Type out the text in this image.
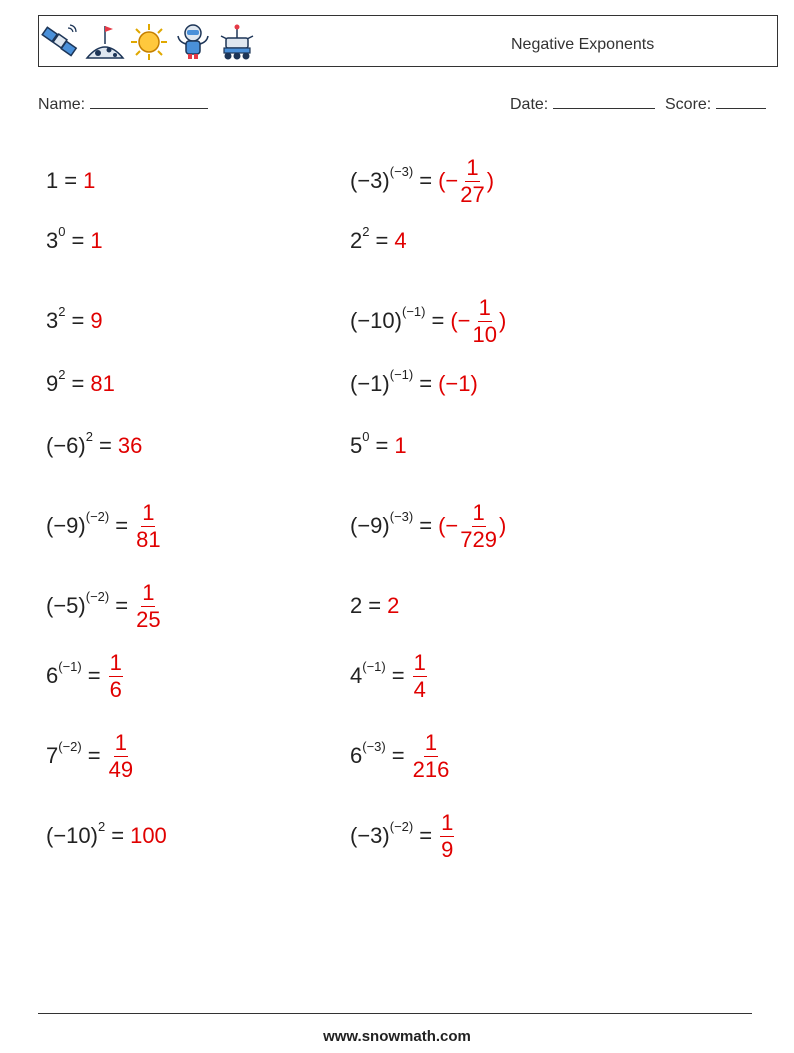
Negative Exponents
Name:	Date:	Score:
1 = 1	$(-3)^{(-3)}$ = (− $\frac{1}{27}$ )
$3^0 = 1$	$2^2 = 4$
$3^2 = 9$	$(-10)^{(-1)}$ = (− $\frac{1}{10}$ )
$9^2 = 81$	$(-1)^{(-1)} = (-1)$
$(-6)^2 = 36$	$5^0 = 1$
$(-9)^{(-2)} = \frac{1}{81}$	$(-9)^{(-3)}$ = (− $\frac{1}{729}$ )
$(-5)^{(-2)} = \frac{1}{25}$	2 = 2
$6^{(-1)} = \frac{1}{6}$	$4^{(-1)} = \frac{1}{4}$
$7^{(-2)} = \frac{1}{49}$	$6^{(-3)} = \frac{1}{216}$
$(-10)^2 = 100$	$(-3)^{(-2)} = \frac{1}{9}$
www.snowmath.com
